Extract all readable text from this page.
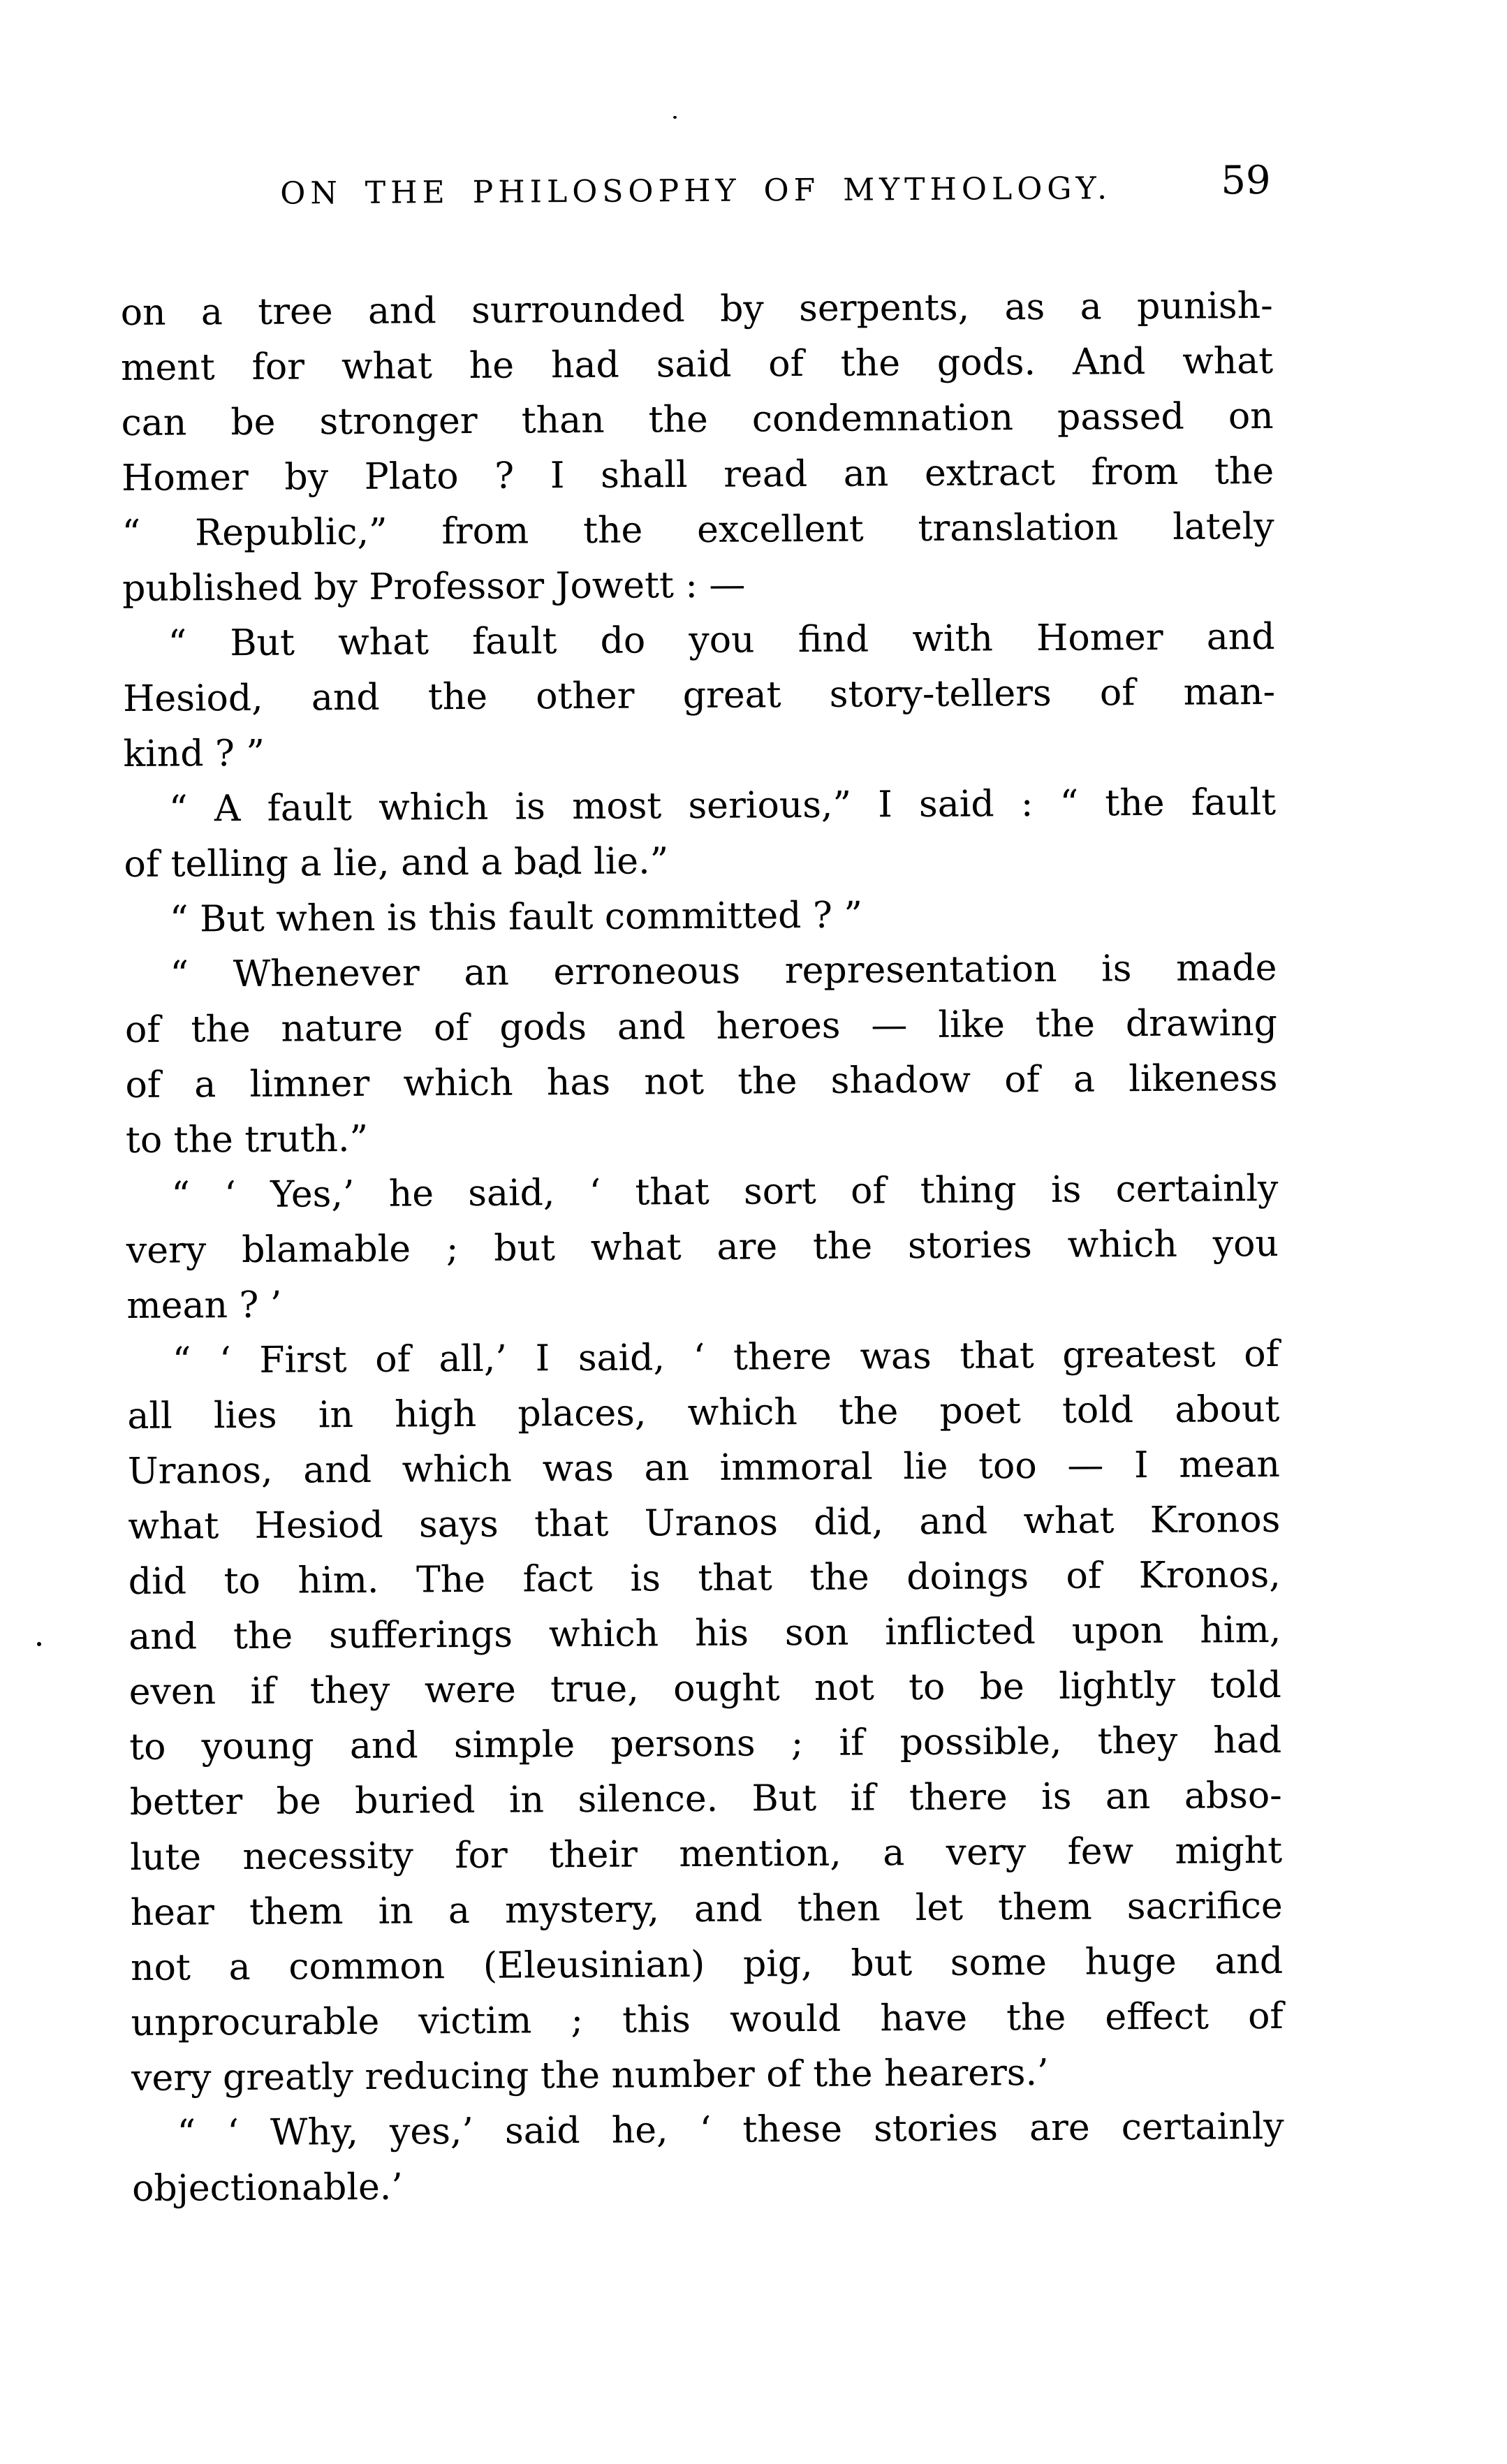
ON THE PHILOSOPHY OF MYTHOLOGY.	59
on a tree and surrounded by serpents, as a punish-
ment for what he had said of the gods. And what
can be stronger than the condemnation passed on
Homer by Plato ? I shall read an extract from the
“ Republic,” from the excellent translation lately
published by Professor Jowett : —
“ But what fault do you find with Homer and
Hesiod, and the other great story-tellers of man-
kind ? ”
“ A fault which is most serious,” I said : “ the fault
of telling a lie, and a bad lie.”
“ But when is this fault committed ? ”
“ Whenever an erroneous representation is made
of the nature of gods and heroes — like the drawing
of a limner which has not the shadow of a likeness
to the truth.”
“ ‘ Yes,’ he said, ‘ that sort of thing is certainly
very blamable ; but what are the stories which you
mean ? ’
“ ‘ First of all,’ I said, ‘ there was that greatest of
all lies in high places, which the poet told about
Uranos, and which was an immoral lie too — I mean
what Hesiod says that Uranos did, and what Kronos
did to him. The fact is that the doings of Kronos,
and the sufferings which his son inflicted upon him,
even if they were true, ought not to be lightly told
to young and simple persons ; if possible, they had
better be buried in silence. But if there is an abso-
lute necessity for their mention, a very few might
hear them in a mystery, and then let them sacrifice
not a common (Eleusinian) pig, but some huge and
unprocurable victim ; this would have the effect of
very greatly reducing the number of the hearers.’
“ ‘ Why, yes,’ said he, ‘ these stories are certainly
objectionable.’
